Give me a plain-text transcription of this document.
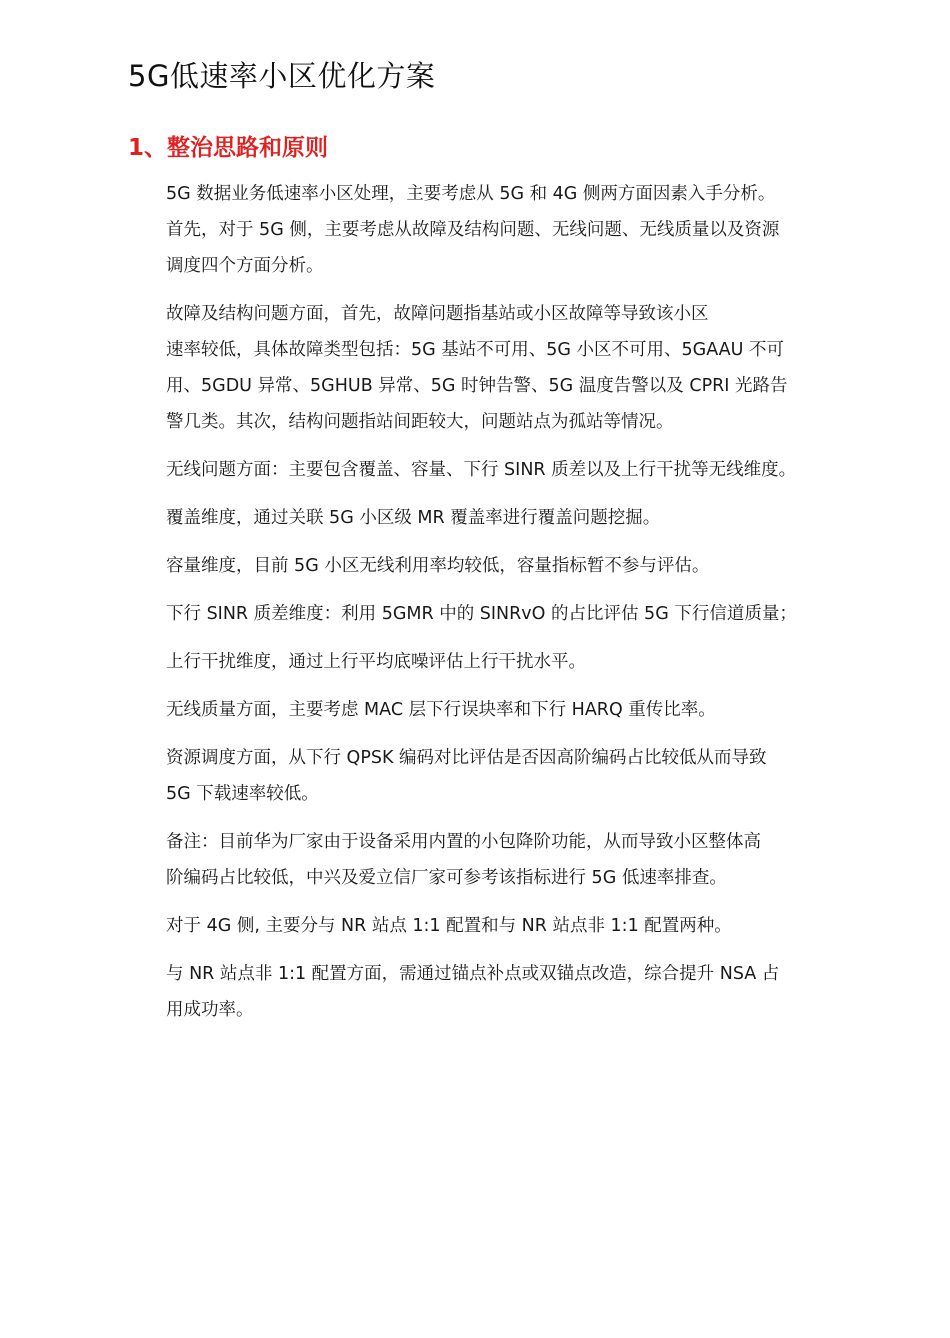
5G低速率小区优化方案
1、整治思路和原则

5G 数据业务低速率小区处理，主要考虑从 5G 和 4G 侧两方面因素入手分析。
首先，对于 5G 侧，主要考虑从故障及结构问题、无线问题、无线质量以及资源
调度四个方面分析。

故障及结构问题方面，首先，故障问题指基站或小区故障等导致该小区
速率较低，具体故障类型包括：5G 基站不可用、5G 小区不可用、5GAAU 不可
用、5GDU 异常、5GHUB 异常、5G 时钟告警、5G 温度告警以及 CPRI 光路告
警几类。其次，结构问题指站间距较大，问题站点为孤站等情况。

无线问题方面：主要包含覆盖、容量、下行 SINR 质差以及上行干扰等无线维度。

覆盖维度，通过关联 5G 小区级 MR 覆盖率进行覆盖问题挖掘。

容量维度，目前 5G 小区无线利用率均较低，容量指标暂不参与评估。

下行 SINR 质差维度：利用 5GMR 中的 SINRvO 的占比评估 5G 下行信道质量；

上行干扰维度，通过上行平均底噪评估上行干扰水平。

无线质量方面，主要考虑 MAC 层下行误块率和下行 HARQ 重传比率。

资源调度方面，从下行 QPSK 编码对比评估是否因高阶编码占比较低从而导致
5G 下载速率较低。

备注：目前华为厂家由于设备采用内置的小包降阶功能，从而导致小区整体高
阶编码占比较低，中兴及爱立信厂家可参考该指标进行 5G 低速率排查。

对于 4G 侧, 主要分与 NR 站点 1:1 配置和与 NR 站点非 1:1 配置两种。

与 NR 站点非 1:1 配置方面，需通过锚点补点或双锚点改造，综合提升 NSA 占
用成功率。
